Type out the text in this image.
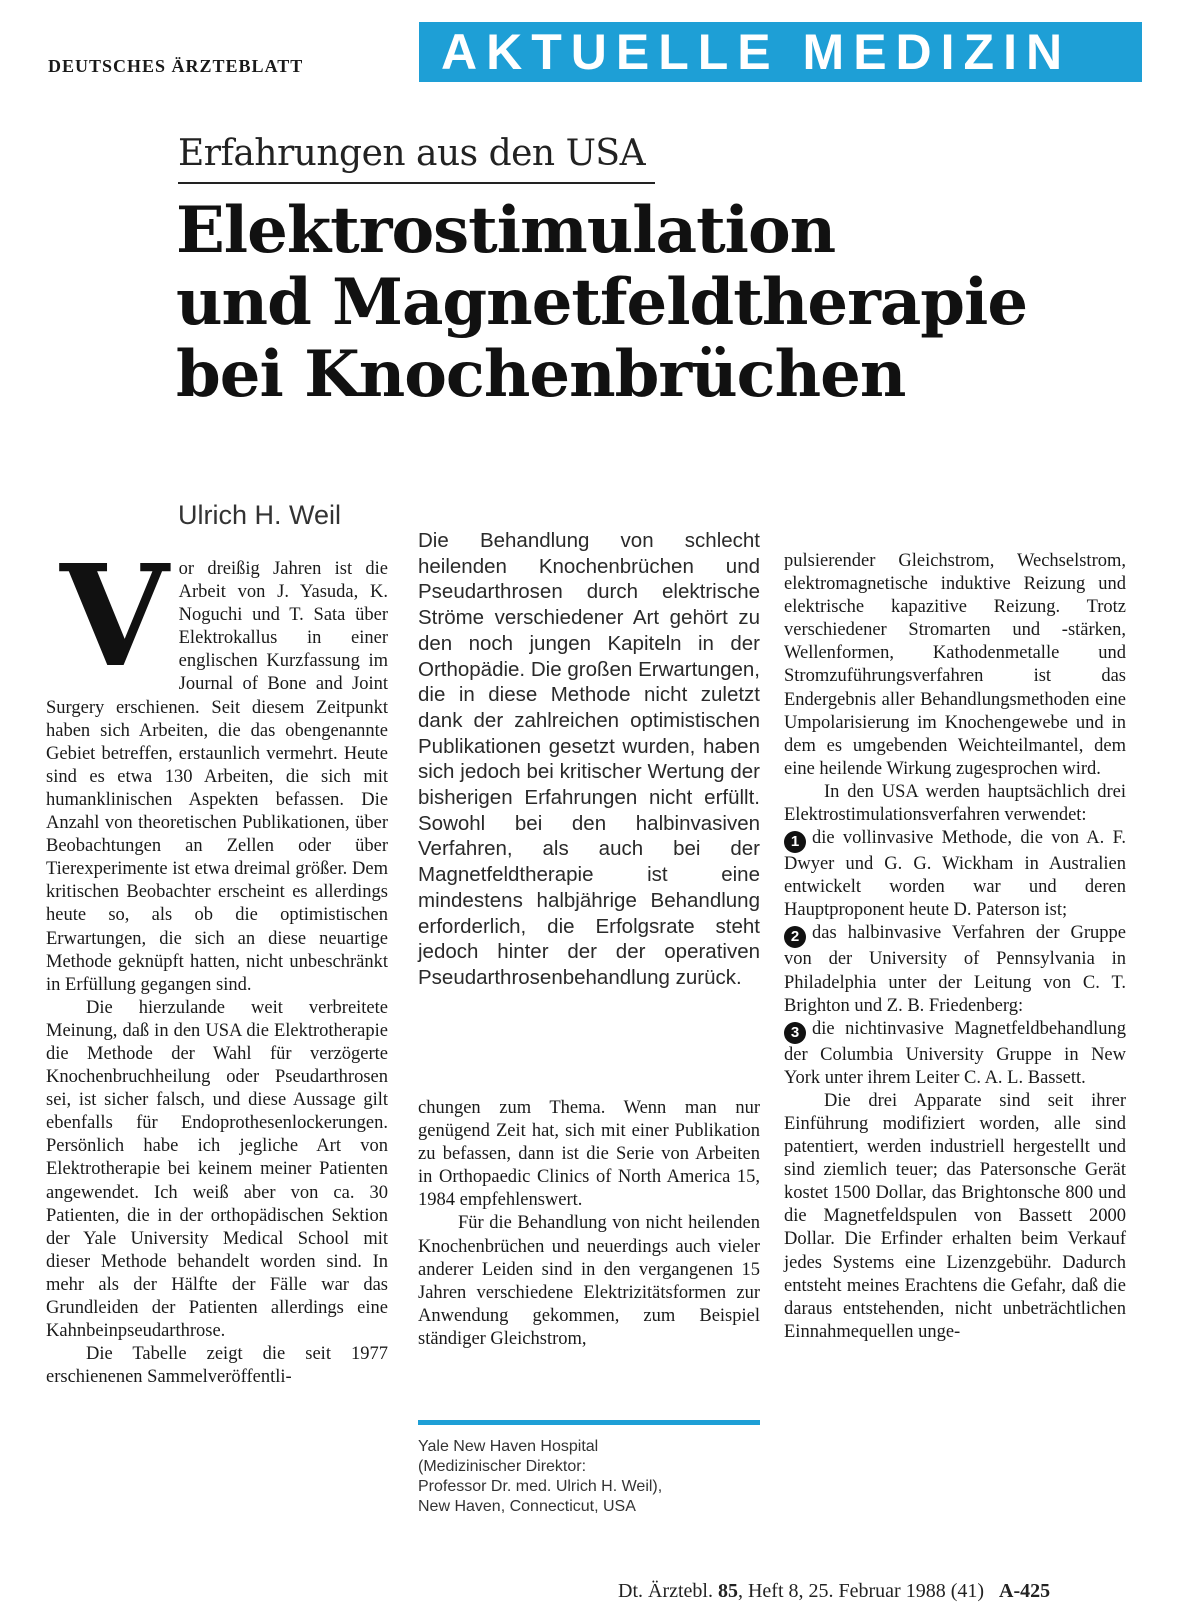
DEUTSCHES ÄRZTEBLATT	AKTUELLE MEDIZIN
Erfahrungen aus den USA
Elektrostimulation
und Magnetfeldtherapie
bei Knochenbrüchen
Ulrich H. Weil

Vor dreißig Jahren ist die Arbeit von J. Yasuda, K. Noguchi und T. Sata über Elektrokallus in einer englischen Kurzfassung im Journal of Bone and Joint Surgery erschienen. Seit diesem Zeitpunkt haben sich Arbeiten, die das obengenannte Gebiet betreffen, erstaunlich vermehrt. Heute sind es etwa 130 Arbeiten, die sich mit humanklinischen Aspekten befassen. Die Anzahl von theoretischen Publikationen, über Beobachtungen an Zellen oder über Tierexperimente ist etwa dreimal größer. Dem kritischen Beobachter erscheint es allerdings heute so, als ob die optimistischen Erwartungen, die sich an diese neuartige Methode geknüpft hatten, nicht unbeschränkt in Erfüllung gegangen sind.

Die hierzulande weit verbreitete Meinung, daß in den USA die Elektrotherapie die Methode der Wahl für verzögerte Knochenbruchheilung oder Pseudarthrosen sei, ist sicher falsch, und diese Aussage gilt ebenfalls für Endoprothesenlockerungen. Persönlich habe ich jegliche Art von Elektrotherapie bei keinem meiner Patienten angewendet. Ich weiß aber von ca. 30 Patienten, die in der orthopädischen Sektion der Yale University Medical School mit dieser Methode behandelt worden sind. In mehr als der Hälfte der Fälle war das Grundleiden der Patienten allerdings eine Kahnbeinpseudarthrose.

Die Tabelle zeigt die seit 1977 erschienenen Sammelveröffentli-

Die Behandlung von schlecht heilenden Knochenbrüchen und Pseudarthrosen durch elektrische Ströme verschiedener Art gehört zu den noch jungen Kapiteln in der Orthopädie. Die großen Erwartungen, die in diese Methode nicht zuletzt dank der zahlreichen optimistischen Publikationen gesetzt wurden, haben sich jedoch bei kritischer Wertung der bisherigen Erfahrungen nicht erfüllt. Sowohl bei den halbinvasiven Verfahren, als auch bei der Magnetfeldtherapie ist eine mindestens halbjährige Behandlung erforderlich, die Erfolgsrate steht jedoch hinter der der operativen Pseudarthrosenbehandlung zurück.

chungen zum Thema. Wenn man nur genügend Zeit hat, sich mit einer Publikation zu befassen, dann ist die Serie von Arbeiten in Orthopaedic Clinics of North America 15, 1984 empfehlenswert.

Für die Behandlung von nicht heilenden Knochenbrüchen und neuerdings auch vieler anderer Leiden sind in den vergangenen 15 Jahren verschiedene Elektrizitätsformen zur Anwendung gekommen, zum Beispiel ständiger Gleichstrom,

Yale New Haven Hospital
(Medizinischer Direktor:
Professor Dr. med. Ulrich H. Weil),
New Haven, Connecticut, USA

pulsierender Gleichstrom, Wechselstrom, elektromagnetische induktive Reizung und elektrische kapazitive Reizung. Trotz verschiedener Stromarten und -stärken, Wellenformen, Kathodenmetalle und Stromzuführungsverfahren ist das Endergebnis aller Behandlungsmethoden eine Umpolarisierung im Knochengewebe und in dem es umgebenden Weichteilmantel, dem eine heilende Wirkung zugesprochen wird.

In den USA werden hauptsächlich drei Elektrostimulationsverfahren verwendet:

1 die vollinvasive Methode, die von A. F. Dwyer und G. G. Wickham in Australien entwickelt worden war und deren Hauptproponent heute D. Paterson ist;

2 das halbinvasive Verfahren der Gruppe von der University of Pennsylvania in Philadelphia unter der Leitung von C. T. Brighton und Z. B. Friedenberg:

3 die nichtinvasive Magnetfeldbehandlung der Columbia University Gruppe in New York unter ihrem Leiter C. A. L. Bassett.

Die drei Apparate sind seit ihrer Einführung modifiziert worden, alle sind patentiert, werden industriell hergestellt und sind ziemlich teuer; das Patersonsche Gerät kostet 1500 Dollar, das Brightonsche 800 und die Magnetfeldspulen von Bassett 2000 Dollar. Die Erfinder erhalten beim Verkauf jedes Systems eine Lizenzgebühr. Dadurch entsteht meines Erachtens die Gefahr, daß die daraus entstehenden, nicht unbeträchtlichen Einnahmequellen unge-

Dt. Ärztebl. 85, Heft 8, 25. Februar 1988 (41) A-425
